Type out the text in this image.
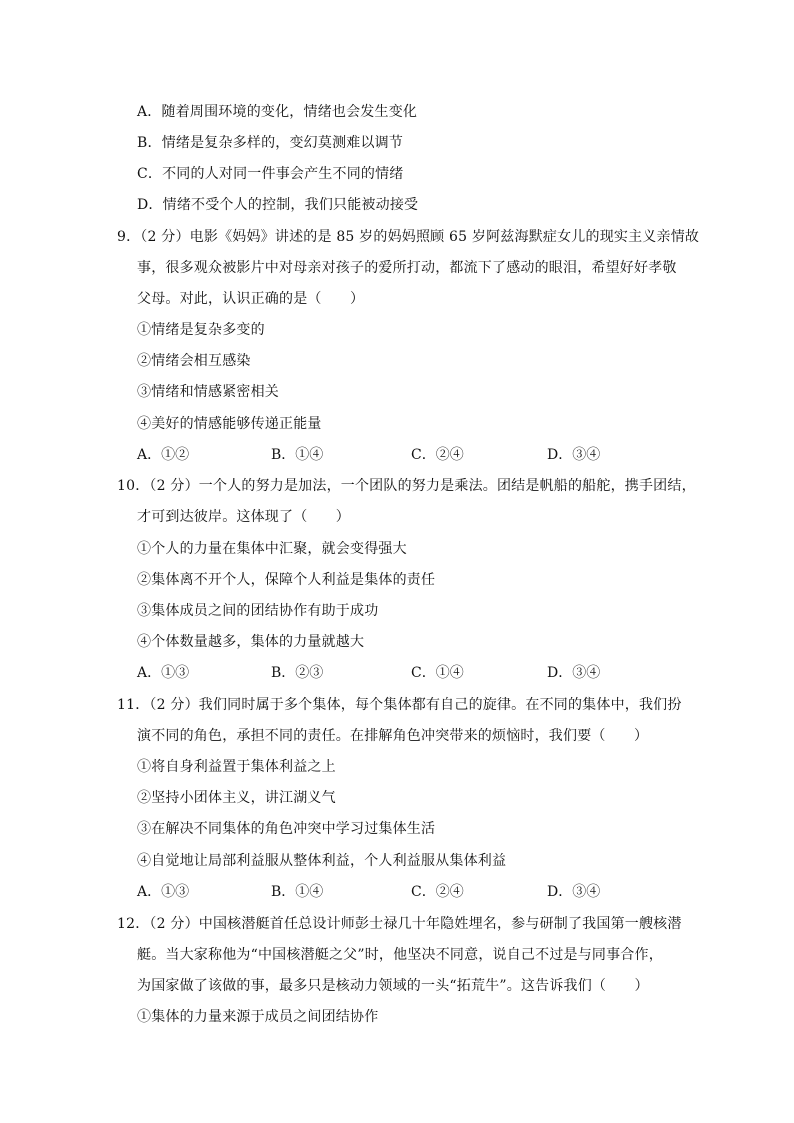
A．随着周围环境的变化，情绪也会发生变化
B．情绪是复杂多样的，变幻莫测难以调节
C．不同的人对同一件事会产生不同的情绪
D．情绪不受个人的控制，我们只能被动接受
9．（2 分）电影《妈妈》讲述的是 85 岁的妈妈照顾 65 岁阿兹海默症女儿的现实主义亲情故
事，很多观众被影片中对母亲对孩子的爱所打动，都流下了感动的眼泪，希望好好孝敬
父母。对此，认识正确的是（　　）
①情绪是复杂多变的
②情绪会相互感染
③情绪和情感紧密相关
④美好的情感能够传递正能量
A．①②	B．①④	C．②④	D．③④
10．（2 分）一个人的努力是加法，一个团队的努力是乘法。团结是帆船的船舵，携手团结，
才可到达彼岸。这体现了（　　）
①个人的力量在集体中汇聚，就会变得强大
②集体离不开个人，保障个人利益是集体的责任
③集体成员之间的团结协作有助于成功
④个体数量越多，集体的力量就越大
A．①③	B．②③	C．①④	D．③④
11．（2 分）我们同时属于多个集体，每个集体都有自己的旋律。在不同的集体中，我们扮
演不同的角色，承担不同的责任。在排解角色冲突带来的烦恼时，我们要（　　）
①将自身利益置于集体利益之上
②坚持小团体主义，讲江湖义气
③在解决不同集体的角色冲突中学习过集体生活
④自觉地让局部利益服从整体利益，个人利益服从集体利益
A．①③	B．①④	C．②④	D．③④
12．（2 分）中国核潜艇首任总设计师彭士禄几十年隐姓埋名，参与研制了我国第一艘核潜
艇。当大家称他为“中国核潜艇之父”时，他坚决不同意，说自己不过是与同事合作，
为国家做了该做的事，最多只是核动力领域的一头“拓荒牛”。这告诉我们（　　）
①集体的力量来源于成员之间团结协作
